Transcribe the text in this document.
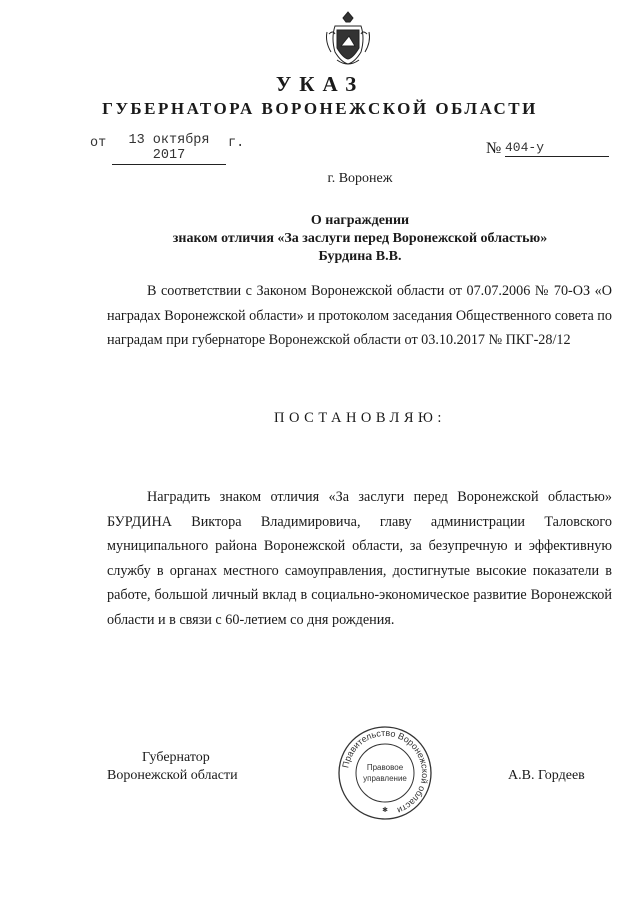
УКАЗ
ГУБЕРНАТОРА ВОРОНЕЖСКОЙ ОБЛАСТИ
от	13 октября 2017
г.	№ 404-у
г. Воронеж
О награждении
знаком отличия «За заслуги перед Воронежской областью»
Бурдина В.В.

В соответствии с Законом Воронежской области от 07.07.2006 № 70-ОЗ «О наградах Воронежской области» и протоколом заседания Общественного совета по наградам при губернаторе Воронежской области от 03.10.2017 № ПКГ-28/12

ПОСТАНОВЛЯЮ:

Наградить знаком отличия «За заслуги перед Воронежской областью» БУРДИНА Виктора Владимировича, главу администрации Таловского муниципального района Воронежской области, за безупречную и эффективную службу в органах местного самоуправления, достигнутые высокие показатели в работе, большой личный вклад в социально-экономическое развитие Воронежской области и в связи с 60-летием со дня рождения.

Губернатор
Воронежской области	А.В. Гордеев
Правительство Воронежской области
Правовое
управление
✱
